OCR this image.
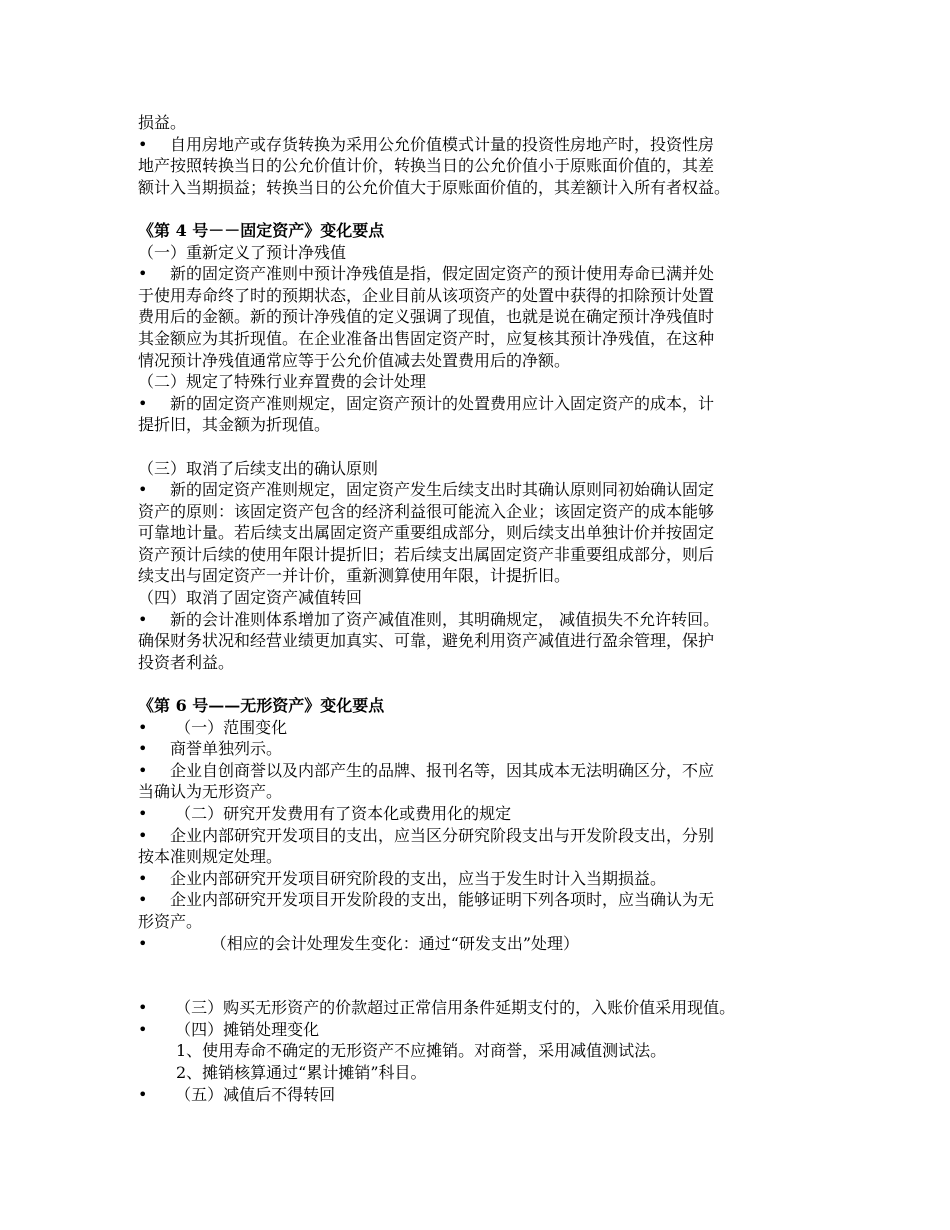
损益。
• 自用房地产或存货转换为采用公允价值模式计量的投资性房地产时，投资性房
地产按照转换当日的公允价值计价，转换当日的公允价值小于原账面价值的，其差
额计入当期损益；转换当日的公允价值大于原账面价值的，其差额计入所有者权益。
《第 4 号－－固定资产》变化要点
（一）重新定义了预计净残值
• 新的固定资产准则中预计净残值是指，假定固定资产的预计使用寿命已满并处
于使用寿命终了时的预期状态，企业目前从该项资产的处置中获得的扣除预计处置
费用后的金额。新的预计净残值的定义强调了现值，也就是说在确定预计净残值时
其金额应为其折现值。在企业准备出售固定资产时，应复核其预计净残值，在这种
情况预计净残值通常应等于公允价值减去处置费用后的净额。
（二）规定了特殊行业弃置费的会计处理
• 新的固定资产准则规定，固定资产预计的处置费用应计入固定资产的成本，计
提折旧，其金额为折现值。
（三）取消了后续支出的确认原则
• 新的固定资产准则规定，固定资产发生后续支出时其确认原则同初始确认固定
资产的原则：该固定资产包含的经济利益很可能流入企业；该固定资产的成本能够
可靠地计量。若后续支出属固定资产重要组成部分，则后续支出单独计价并按固定
资产预计后续的使用年限计提折旧；若后续支出属固定资产非重要组成部分，则后
续支出与固定资产一并计价，重新测算使用年限，计提折旧。
（四）取消了固定资产减值转回
• 新的会计准则体系增加了资产减值准则，其明确规定， 减值损失不允许转回。
确保财务状况和经营业绩更加真实、可靠，避免利用资产减值进行盈余管理，保护
投资者利益。
《第 6 号——无形资产》变化要点
• （一）范围变化
• 商誉单独列示。
• 企业自创商誉以及内部产生的品牌、报刊名等，因其成本无法明确区分，不应
当确认为无形资产。
• （二）研究开发费用有了资本化或费用化的规定
• 企业内部研究开发项目的支出，应当区分研究阶段支出与开发阶段支出，分别
按本准则规定处理。
• 企业内部研究开发项目研究阶段的支出，应当于发生时计入当期损益。
• 企业内部研究开发项目开发阶段的支出，能够证明下列各项时，应当确认为无
形资产。
•        （相应的会计处理发生变化：通过“研发支出”处理）
• （三）购买无形资产的价款超过正常信用条件延期支付的，入账价值采用现值。
• （四）摊销处理变化
1、使用寿命不确定的无形资产不应摊销。对商誉，采用减值测试法。
2、摊销核算通过“累计摊销”科目。
• （五）减值后不得转回
